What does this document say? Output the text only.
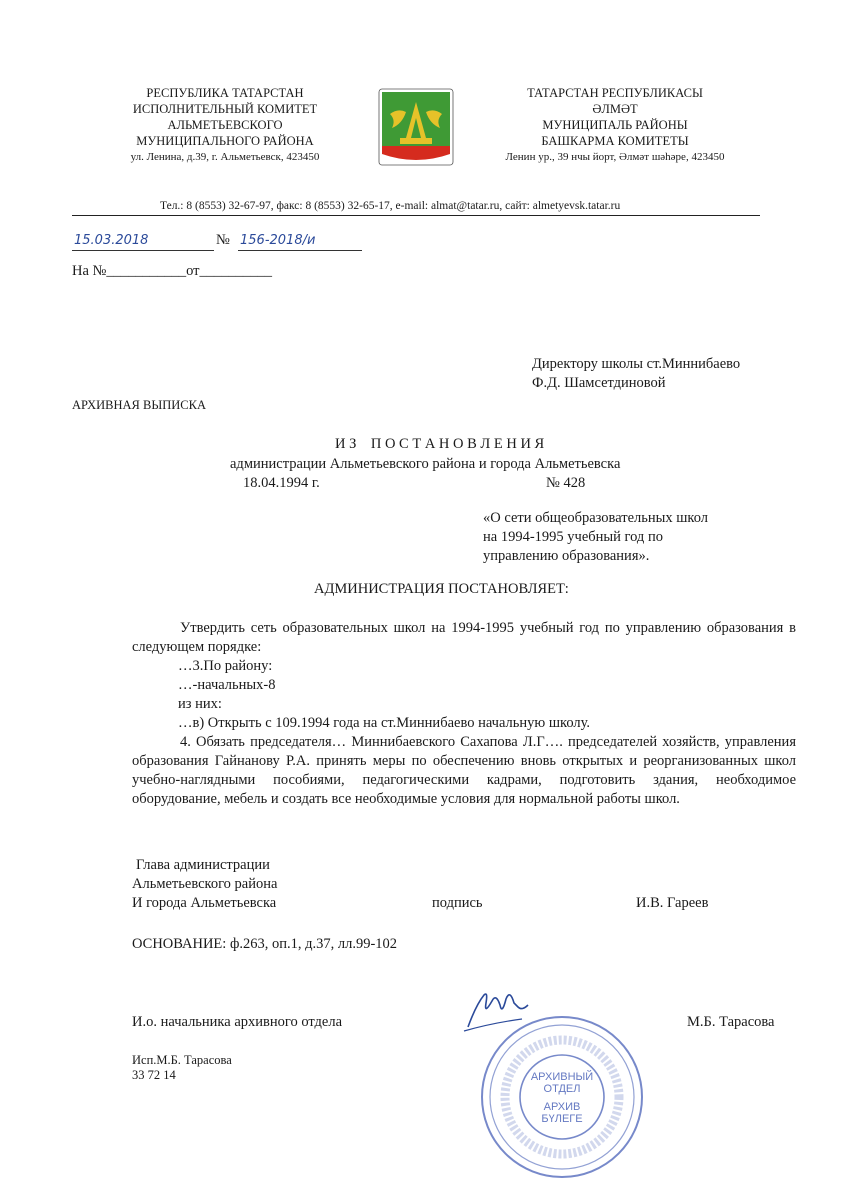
РЕСПУБЛИКА ТАТАРСТАН
ИСПОЛНИТЕЛЬНЫЙ КОМИТЕТ
АЛЬМЕТЬЕВСКОГО
МУНИЦИПАЛЬНОГО РАЙОНА
ул. Ленина, д.39, г. Альметьевск, 423450
ТАТАРСТАН РЕСПУБЛИКАСЫ
ӘЛМӘТ
МУНИЦИПАЛЬ РАЙОНЫ
БАШКАРМА КОМИТЕТЫ
Ленин ур., 39 нчы йорт, Әлмәт шәһәре, 423450
Тел.: 8 (8553) 32-67-97, факс: 8 (8553) 32-65-17, e-mail: almat@tatar.ru, сайт: almetyevsk.tatar.ru
15.03.2018	№ 156-2018/и
На №___________от__________
Директору школы ст.Миннибаево
Ф.Д. Шамсетдиновой
АРХИВНАЯ ВЫПИСКА
И З    П О С Т А Н О В Л Е Н И Я
администрации Альметьевского района и города Альметьевска
18.04.1994 г.	№ 428
«О сети общеобразовательных школ
на 1994-1995 учебный год по
управлению образования».
АДМИНИСТРАЦИЯ ПОСТАНОВЛЯЕТ:

Утвердить сеть образовательных школ на 1994-1995 учебный год по управлению образования в следующем порядке:

…3.По району:

…-начальных-8

из них:

…в) Открыть с 109.1994 года на ст.Миннибаево начальную школу.

4. Обязать председателя… Миннибаевского Сахапова Л.Г…. председателей хозяйств, управления образования Гайнанову Р.А. принять меры по обеспечению вновь открытых и реорганизованных школ учебно-наглядными пособиями, педагогическими кадрами, подготовить здания, необходимое оборудование, мебель и создать все необходимые условия для нормальной работы школ.

Глава администрации
Альметьевского района
И города Альметьевска	подпись	И.В. Гареев
ОСНОВАНИЕ: ф.263, оп.1, д.37, лл.99-102
И.о. начальника архивного отдела	М.Б. Тарасова
Исп.М.Б. Тарасова
33 72 14	АРХИВНЫЙ
ОТДЕЛ
АРХИВ
БҮЛЕГЕ
